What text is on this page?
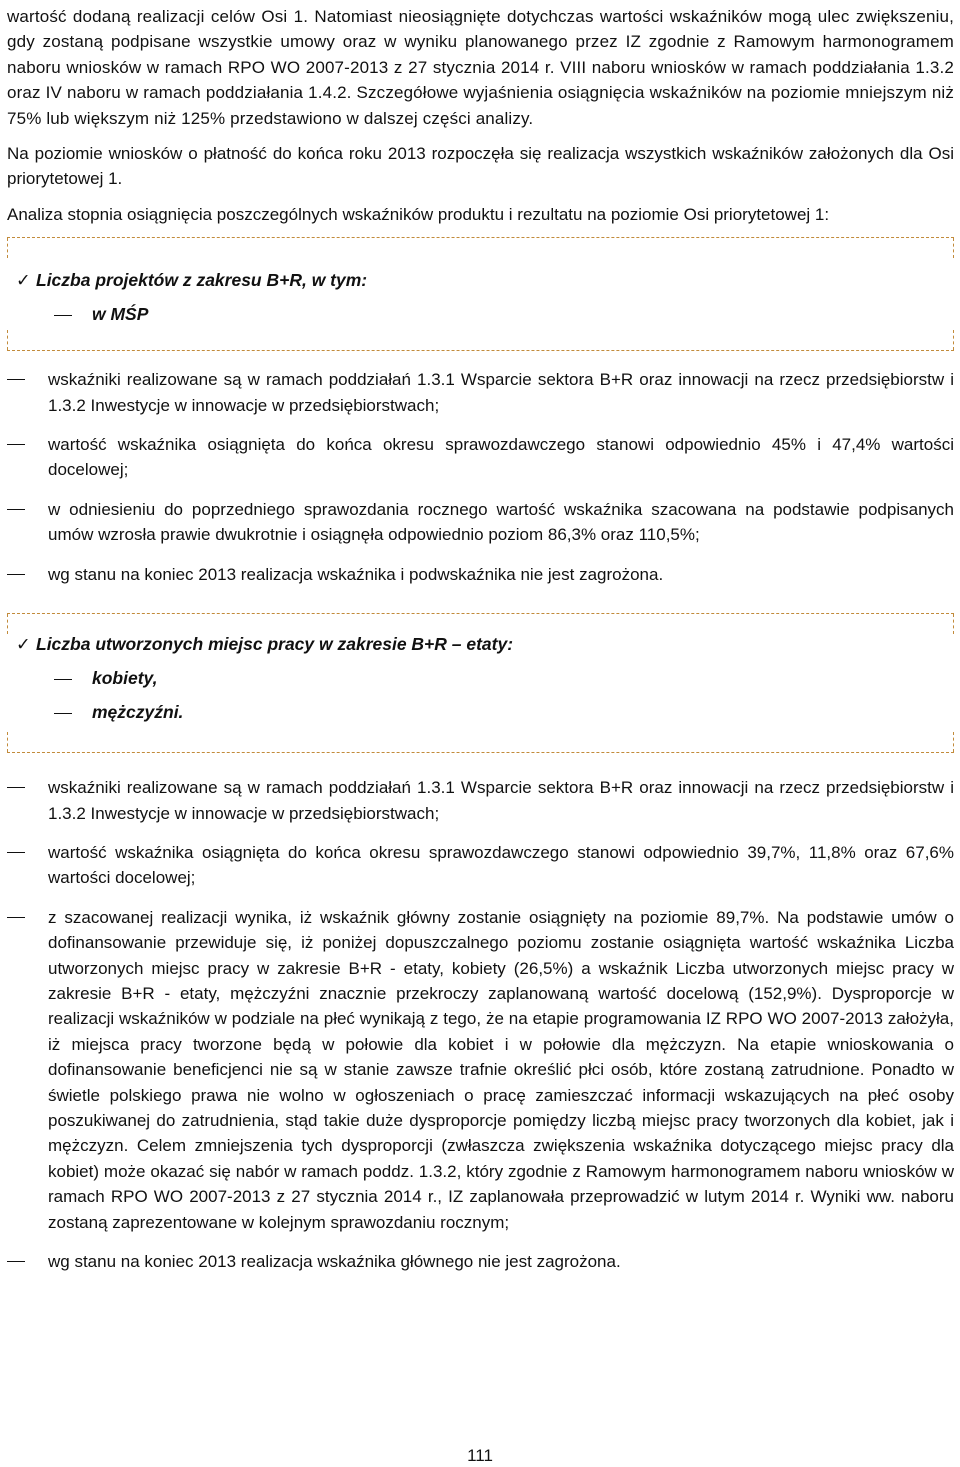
wartość dodaną realizacji celów Osi 1. Natomiast nieosiągnięte dotychczas wartości wskaźników mogą ulec zwiększeniu, gdy zostaną podpisane wszystkie umowy oraz w wyniku planowanego przez IZ zgodnie z Ramowym harmonogramem naboru wniosków w ramach RPO WO 2007-2013 z 27 stycznia 2014 r. VIII naboru wniosków w ramach poddziałania 1.3.2 oraz IV naboru w ramach poddziałania 1.4.2. Szczegółowe wyjaśnienia osiągnięcia wskaźników na poziomie mniejszym niż 75% lub większym niż 125% przedstawiono w dalszej części analizy.

Na poziomie wniosków o płatność do końca roku 2013 rozpoczęła się realizacja wszystkich wskaźników założonych dla Osi priorytetowej 1.

Analiza stopnia osiągnięcia poszczególnych wskaźników produktu i rezultatu na poziomie Osi priorytetowej 1:

✓ Liczba projektów z zakresu B+R, w tym:
w MŚP
wskaźniki realizowane są w ramach poddziałań 1.3.1 Wsparcie sektora B+R oraz innowacji na rzecz przedsiębiorstw i 1.3.2 Inwestycje w innowacje w przedsiębiorstwach;
wartość wskaźnika osiągnięta do końca okresu sprawozdawczego stanowi odpowiednio 45% i 47,4% wartości docelowej;
w odniesieniu do poprzedniego sprawozdania rocznego wartość wskaźnika szacowana na podstawie podpisanych umów wzrosła prawie dwukrotnie i osiągnęła odpowiednio poziom 86,3% oraz 110,5%;
wg stanu na koniec 2013 realizacja wskaźnika i podwskaźnika nie jest zagrożona.
✓ Liczba utworzonych miejsc pracy w zakresie B+R – etaty:
kobiety,
mężczyźni.
wskaźniki realizowane są w ramach poddziałań 1.3.1 Wsparcie sektora B+R oraz innowacji na rzecz przedsiębiorstw i 1.3.2 Inwestycje w innowacje w przedsiębiorstwach;
wartość wskaźnika osiągnięta do końca okresu sprawozdawczego stanowi odpowiednio 39,7%, 11,8% oraz 67,6% wartości docelowej;
z szacowanej realizacji wynika, iż wskaźnik główny zostanie osiągnięty na poziomie 89,7%. Na podstawie umów o dofinansowanie przewiduje się, iż poniżej dopuszczalnego poziomu zostanie osiągnięta wartość wskaźnika Liczba utworzonych miejsc pracy w zakresie B+R - etaty, kobiety (26,5%) a wskaźnik Liczba utworzonych miejsc pracy w zakresie B+R - etaty, mężczyźni znacznie przekroczy zaplanowaną wartość docelową (152,9%). Dysproporcje w realizacji wskaźników w podziale na płeć wynikają z tego, że na etapie programowania IZ RPO WO 2007-2013 założyła, iż miejsca pracy tworzone będą w połowie dla kobiet i w połowie dla mężczyzn. Na etapie wnioskowania o dofinansowanie beneficjenci nie są w stanie zawsze trafnie określić płci osób, które zostaną zatrudnione. Ponadto w świetle polskiego prawa nie wolno w ogłoszeniach o pracę zamieszczać informacji wskazujących na płeć osoby poszukiwanej do zatrudnienia, stąd takie duże dysproporcje pomiędzy liczbą miejsc pracy tworzonych dla kobiet, jak i mężczyzn. Celem zmniejszenia tych dysproporcji (zwłaszcza zwiększenia wskaźnika dotyczącego miejsc pracy dla kobiet) może okazać się nabór w ramach poddz. 1.3.2, który zgodnie z Ramowym harmonogramem naboru wniosków w ramach RPO WO 2007-2013 z 27 stycznia 2014 r., IZ zaplanowała przeprowadzić w lutym 2014 r. Wyniki ww. naboru zostaną zaprezentowane w kolejnym sprawozdaniu rocznym;
wg stanu na koniec 2013 realizacja wskaźnika głównego nie jest zagrożona.
111
